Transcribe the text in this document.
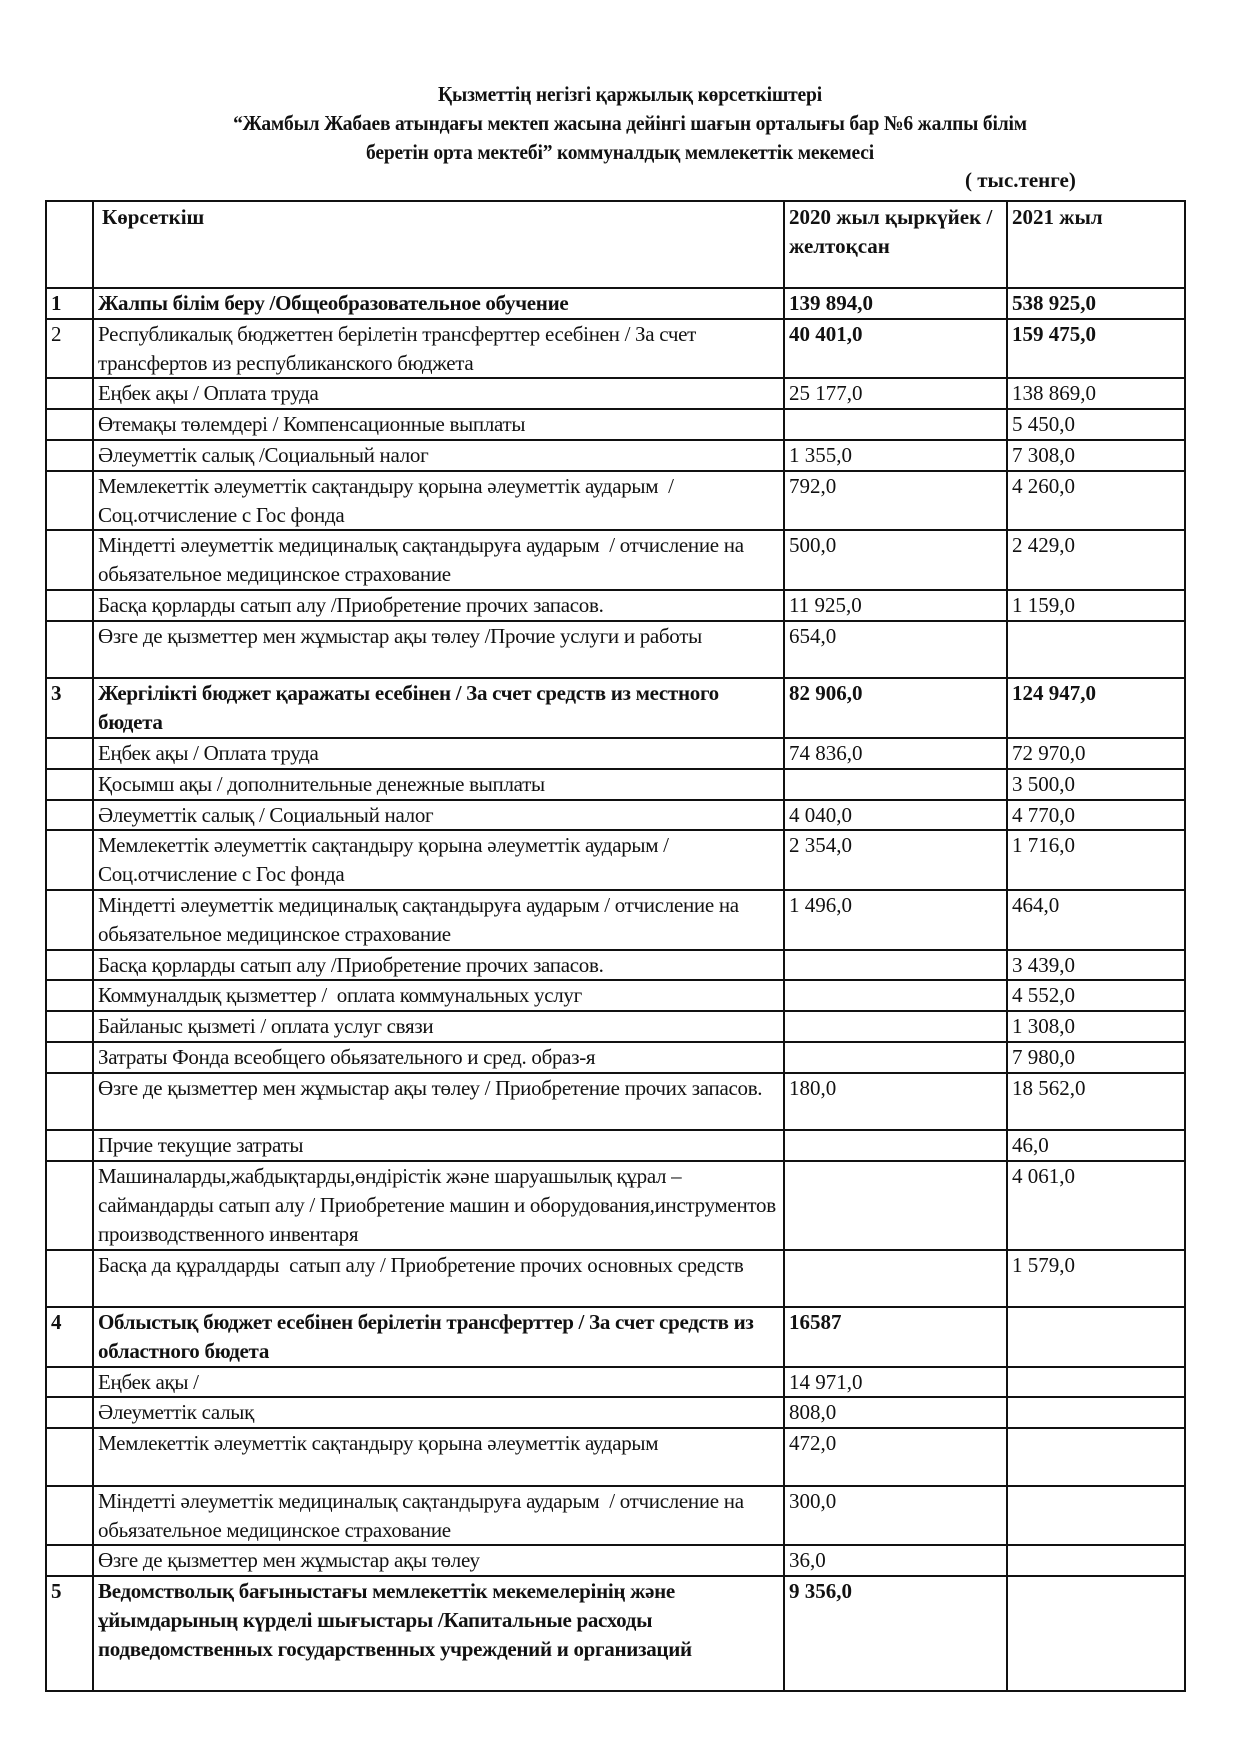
Қызметтің негізгі қаржылық көрсеткіштері
“Жамбыл Жабаев атындағы мектеп жасына дейінгі шағын орталығы бар №6 жалпы білім
беретін орта мектебі” коммуналдық мемлекеттік мекемесі
( тыс.тенге)
	Көрсеткіш	2020 жыл қыркүйек / желтоқсан	2021 жыл
1	Жалпы білім беру /Общеобразовательное обучение	139 894,0	538 925,0
2	Республикалық бюджеттен берілетін трансферттер есебінен / За счет трансфертов из республиканского бюджета	40 401,0	159 475,0

	Еңбек ақы / Оплата труда	25 177,0	138 869,0

	Өтемақы төлемдері / Компенсационные выплаты		5 450,0

	Әлеуметтік салық /Социальный налог	1 355,0	7 308,0

	Мемлекеттік әлеуметтік сақтандыру қорына әлеуметтік аударым  / Соц.отчисление с Гос фонда	792,0	4 260,0

	Міндетті әлеуметтік медициналық сақтандыруға аударым  / отчисление на обьязательное медицинское страхование	500,0	2 429,0

	Басқа қорларды сатып алу /Приобретение прочих запасов.	11 925,0	1 159,0

	Өзге де қызметтер мен жұмыстар ақы төлеу /Прочие услуги и работы	654,0	
3	Жергілікті бюджет қаражаты есебінен / За счет средств из местного бюдета	82 906,0	124 947,0

	Еңбек ақы / Оплата труда	74 836,0	72 970,0

	Қосымш ақы / дополнительные денежные выплаты		3 500,0

	Әлеуметтік салық / Социальный налог	4 040,0	4 770,0

	Мемлекеттік әлеуметтік сақтандыру қорына әлеуметтік аударым / Соц.отчисление с Гос фонда	2 354,0	1 716,0

	Міндетті әлеуметтік медициналық сақтандыруға аударым / отчисление на обьязательное медицинское страхование	1 496,0	464,0

	Басқа қорларды сатып алу /Приобретение прочих запасов.		3 439,0

	Коммуналдық қызметтер /  оплата коммунальных услуг		4 552,0

	Байланыс қызметі / оплата услуг связи		1 308,0

	Затраты Фонда всеобщего обьязательного и сред. образ-я		7 980,0

	Өзге де қызметтер мен жұмыстар ақы төлеу / Приобретение прочих запасов.	180,0	18 562,0

	Прчие текущие затраты		46,0

	Машиналарды,жабдықтарды,өндірістік және шаруашылық құрал – саймандарды сатып алу / Приобретение машин и оборудования,инструментов производственного инвентаря		4 061,0

	Басқа да құралдарды  сатып алу / Приобретение прочих основных средств		1 579,0
4	Облыстық бюджет есебінен берілетін трансферттер / За счет средств из областного бюдета	16587	

	Еңбек ақы /	14 971,0	

	Әлеуметтік салық	808,0	

	Мемлекеттік әлеуметтік сақтандыру қорына әлеуметтік аударым	472,0	

	Міндетті әлеуметтік медициналық сақтандыруға аударым  / отчисление на обьязательное медицинское страхование	300,0	

	Өзге де қызметтер мен жұмыстар ақы төлеу	36,0	
5	Ведомстволық бағыныстағы мемлекеттік мекемелерінің және ұйымдарының күрделі шығыстары /Капитальные расходы  подведомственных государственных учреждений и организаций	9 356,0	
